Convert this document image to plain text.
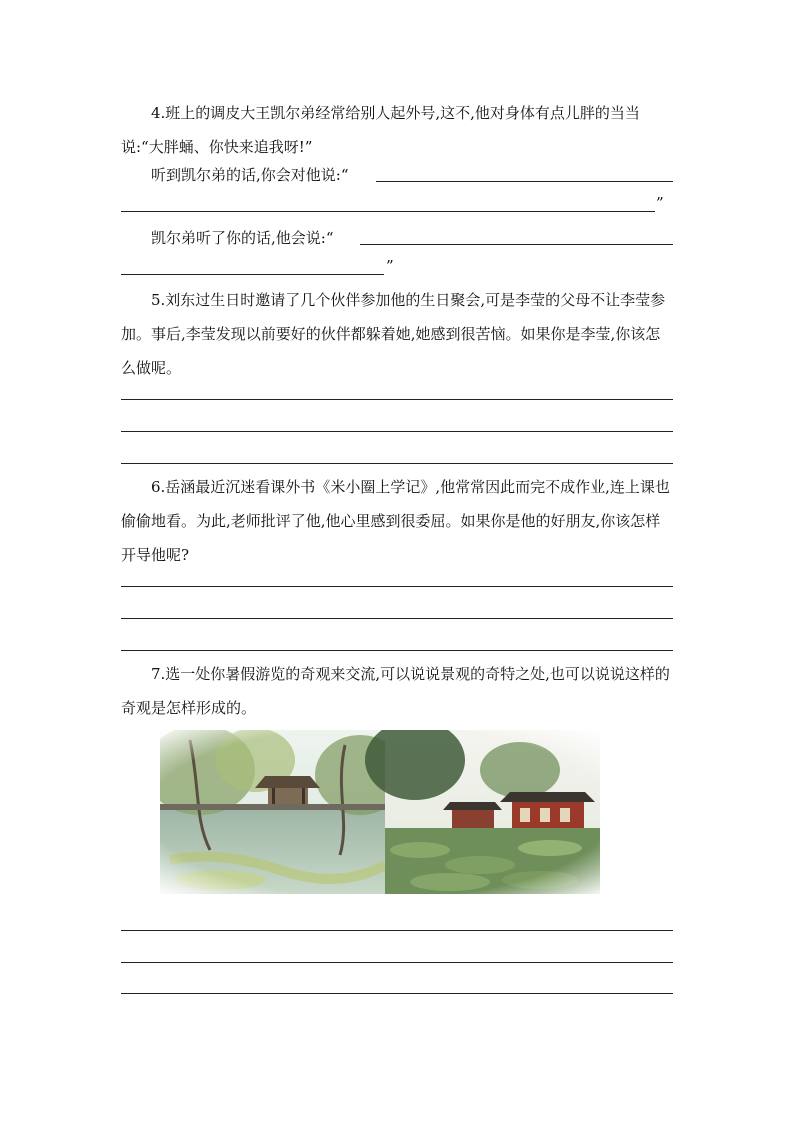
4.班上的调皮大王凯尔弟经常给别人起外号,这不,他对身体有点儿胖的当当说:“大胖蛹、你快来追我呀!”

听到凯尔弟的话,你会对他说:“
”
凯尔弟听了你的话,他会说:“
”

5.刘东过生日时邀请了几个伙伴参加他的生日聚会,可是李莹的父母不让李莹参加。事后,李莹发现以前要好的伙伴都躲着她,她感到很苦恼。如果你是李莹,你该怎么做呢。

6.岳涵最近沉迷看课外书《米小圈上学记》,他常常因此而完不成作业,连上课也偷偷地看。为此,老师批评了他,他心里感到很委屈。如果你是他的好朋友,你该怎样开导他呢?

7.选一处你暑假游览的奇观来交流,可以说说景观的奇特之处,也可以说说这样的奇观是怎样形成的。
